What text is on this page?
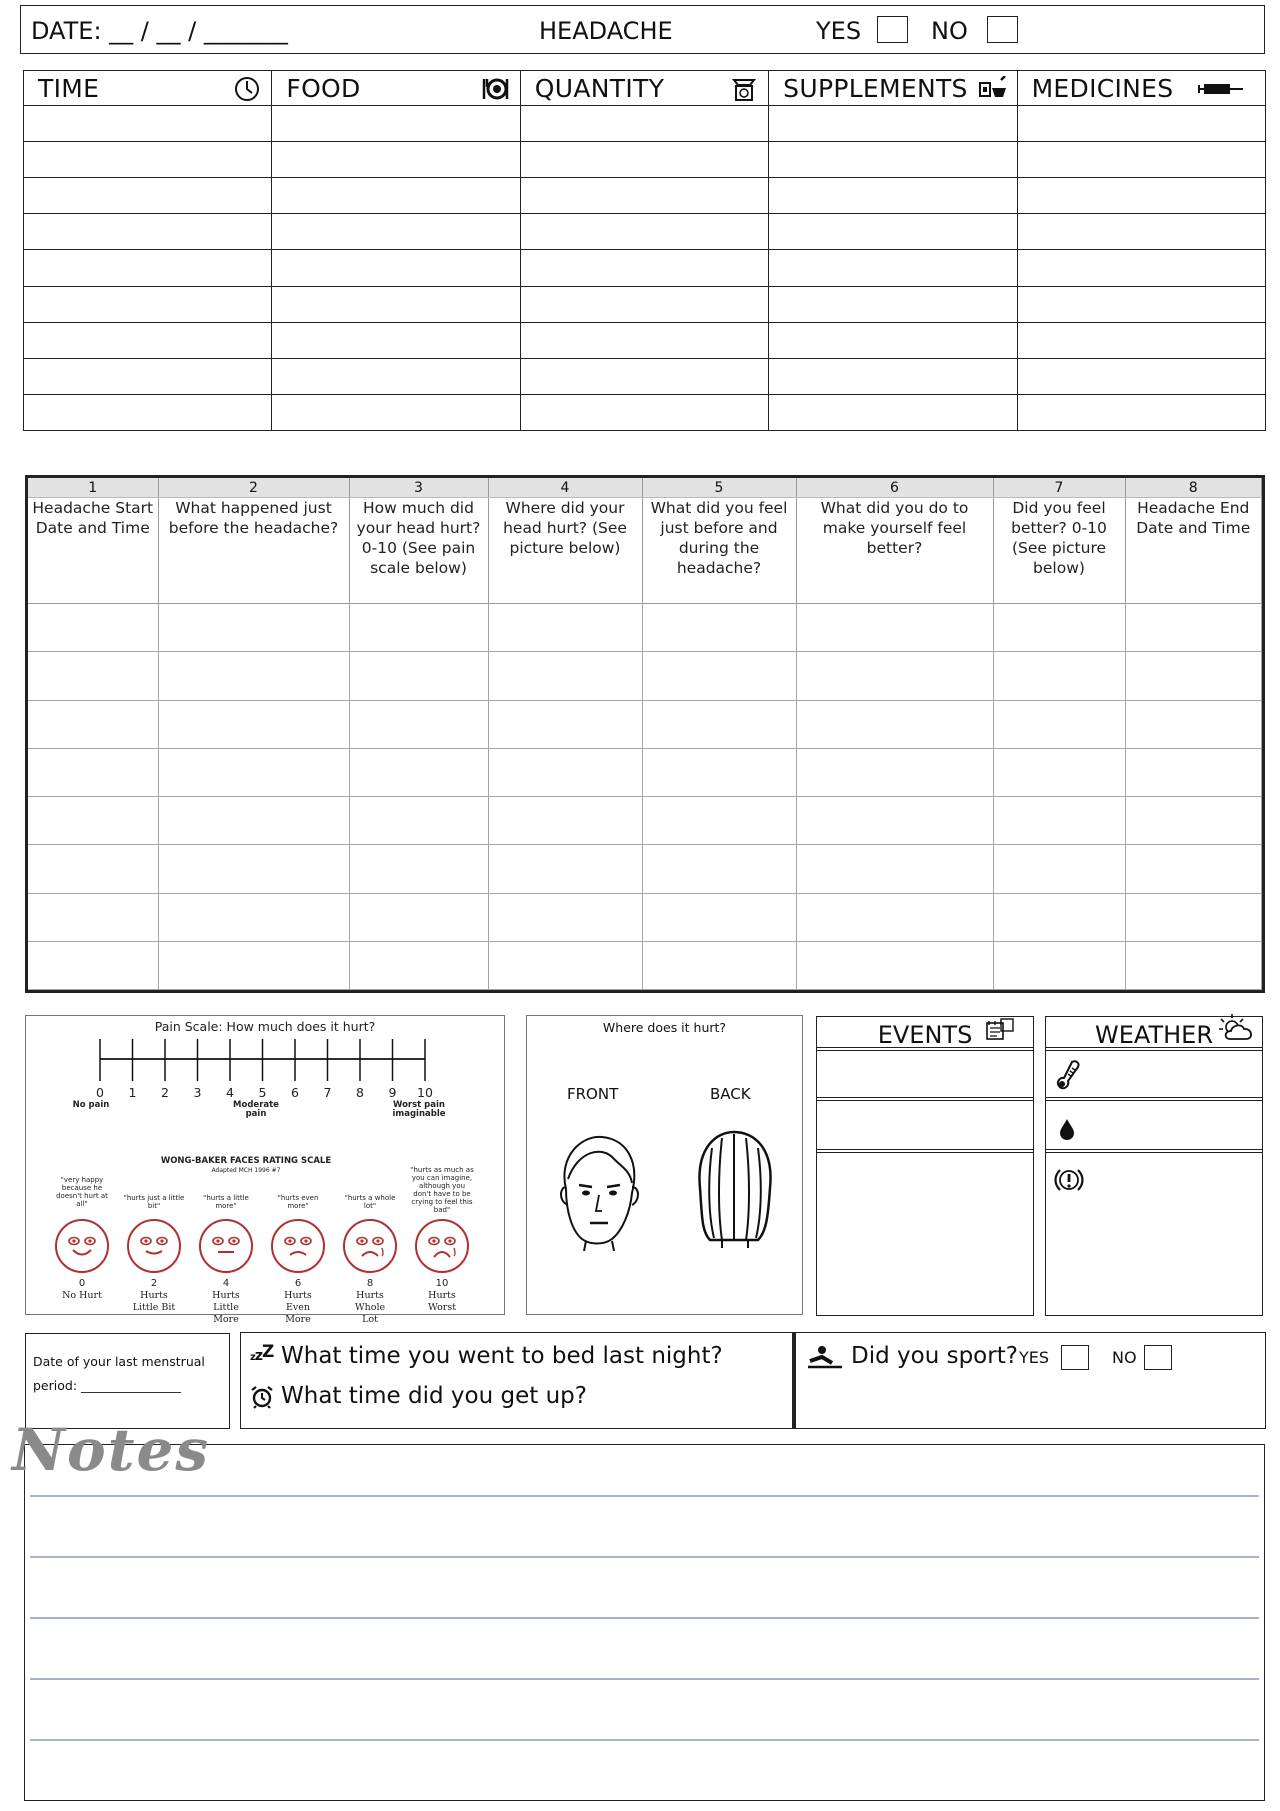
DATE: __ / __ / _______	HEADACHE	YES	NO
TIME	FOOD	QUANTITY	SUPPLEMENTS	MEDICINES

1	2	3	4	5	6	7	8
Headache Start Date and Time	What happened just before the headache?	How much did your head hurt? 0-10 (See pain scale below)	Where did your head hurt? (See picture below)	What did you feel just before and during the headache?	What did you do to make yourself feel better?	Did you feel better? 0-10 (See picture below)	Headache End Date and Time

Pain Scale: How much does it hurt?
0	1	2	3	4	5	6	7	8	9	10
No pain	Moderate pain
Worst pain imaginable
WONG-BAKER FACES RATING SCALE
Adapted MCH 1996 #7
"very happy because he doesn't hurt at all"
0
No Hurt
"hurts just a little bit"
2
Hurts Little Bit
"hurts a little more"
4
Hurts Little More
"hurts even more"
6
Hurts Even More
"hurts a whole lot"
8
Hurts Whole Lot
"hurts as much as you can imagine, although you don't have to be crying to feel this bad"
10
Hurts Worst
Where does it hurt?
FRONT	BACK
EVENTS	WEATHER
Date of your last menstrual
period: ________________
zzZ What time you went to bed last night?
What time did you get up?
Did you sport? YES	NO
Notes
